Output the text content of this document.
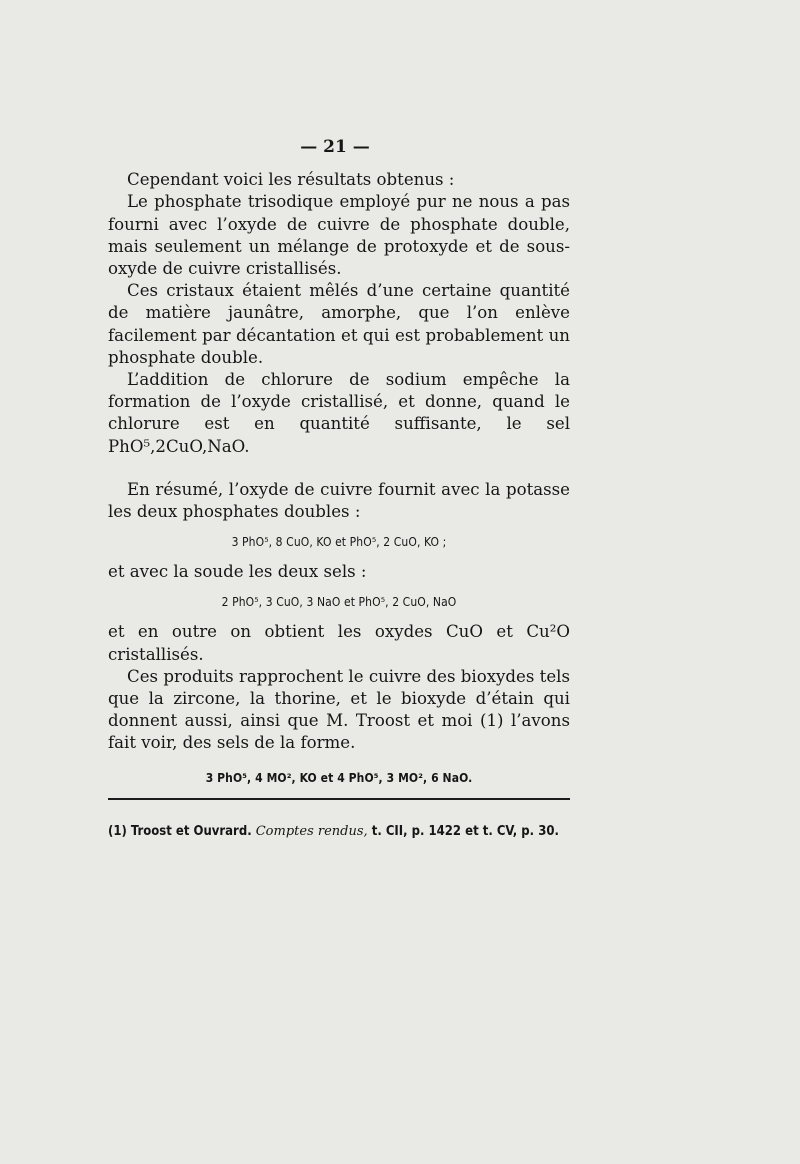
— 21 —

Cependant voici les résultats obtenus :

Le phosphate trisodique employé pur ne nous a pas fourni avec l’oxyde de cuivre de phosphate double, mais seulement un mélange de protoxyde et de sous-oxyde de cuivre cristallisés.

Ces cristaux étaient mêlés d’une certaine quantité de matière jaunâtre, amorphe, que l’on enlève facilement par décantation et qui est probablement un phosphate double.

L’addition de chlorure de sodium empêche la formation de l’oxyde cristallisé, et donne, quand le chlorure est en quantité suffisante, le sel PhO⁵,2CuO,NaO.

En résumé, l’oxyde de cuivre fournit avec la potasse les deux phosphates doubles :

3 PhO⁵, 8 CuO, KO et PhO⁵, 2 CuO, KO ;

et avec la soude les deux sels :

2 PhO⁵, 3 CuO, 3 NaO et PhO⁵, 2 CuO, NaO

et en outre on obtient les oxydes CuO et Cu²O cristallisés.

Ces produits rapprochent le cuivre des bioxydes tels que la zircone, la thorine, et le bioxyde d’étain qui donnent aussi, ainsi que M. Troost et moi (1) l’avons fait voir, des sels de la forme.

3 PhO⁵, 4 MO², KO et 4 PhO⁵, 3 MO², 6 NaO.
(1) Troost et Ouvrard. Comptes rendus, t. CII, p. 1422 et t. CV, p. 30.
